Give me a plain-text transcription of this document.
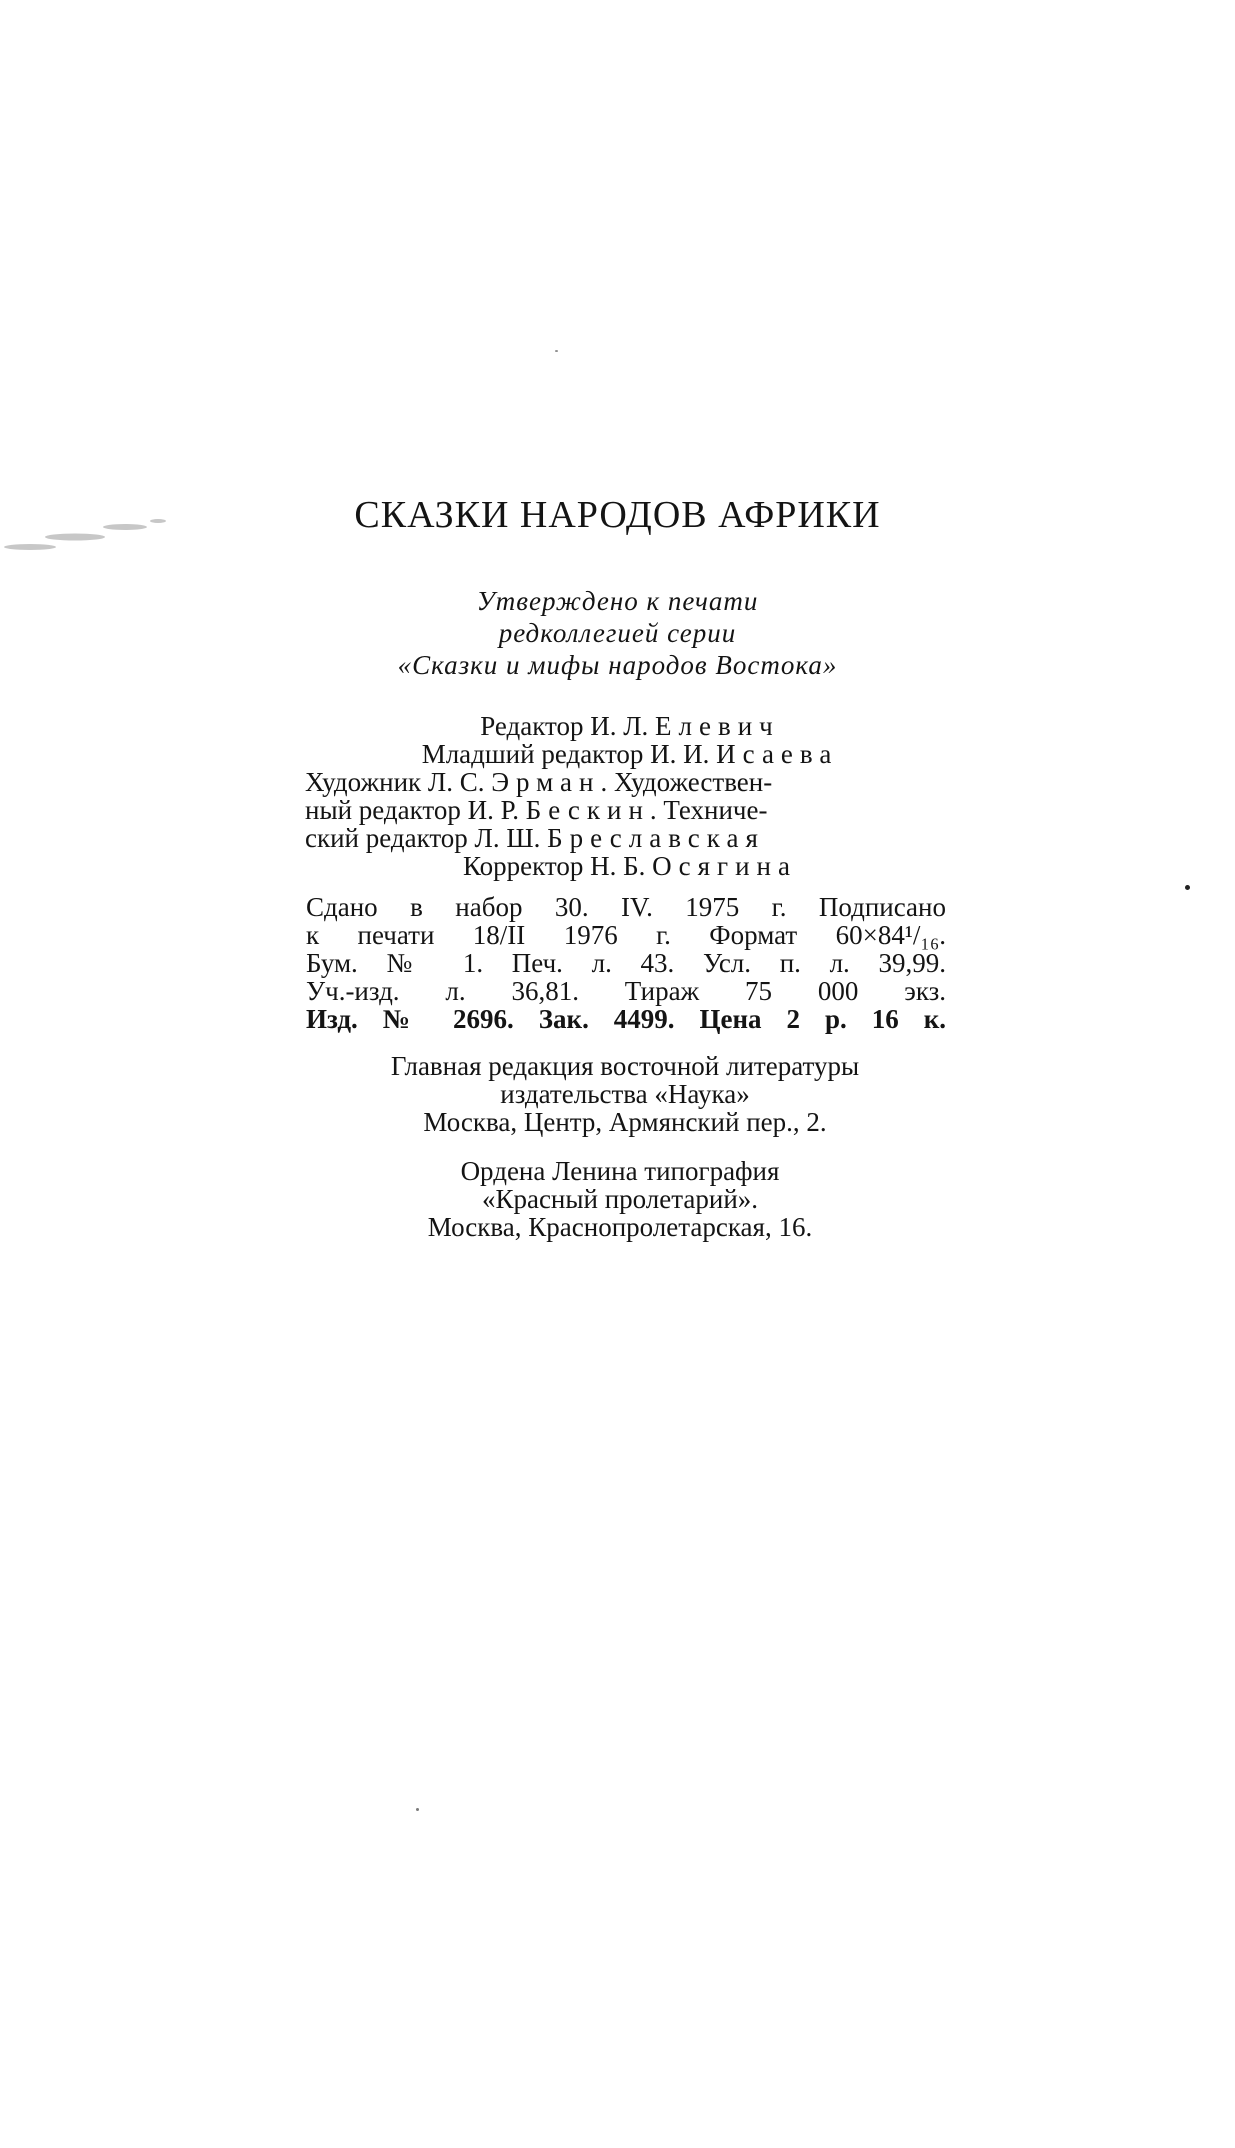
СКАЗКИ НАРОДОВ АФРИКИ
Утверждено к печати
редколлегией серии
«Сказки и мифы народов Востока»
Редактор И. Л. Елевич
Младший редактор И. И. Исаева
Художник Л. С. Эрман. Художествен-
ный редактор И. Р. Бескин. Техниче-
ский редактор Л. Ш. Бреславская
Корректор Н. Б. Осягина
Сдано в набор 30. IV. 1975 г. Подписано
к печати 18/II 1976 г. Формат 60×84¹/₁₆.
Бум. № 1. Печ. л. 43. Усл. п. л. 39,99.
Уч.-изд. л. 36,81. Тираж 75 000 экз.
Изд. № 2696. Зак. 4499. Цена 2 р. 16 к.
Главная редакция восточной литературы
издательства «Наука»
Москва, Центр, Армянский пер., 2.
Ордена Ленина типография
«Красный пролетарий».
Москва, Краснопролетарская, 16.
